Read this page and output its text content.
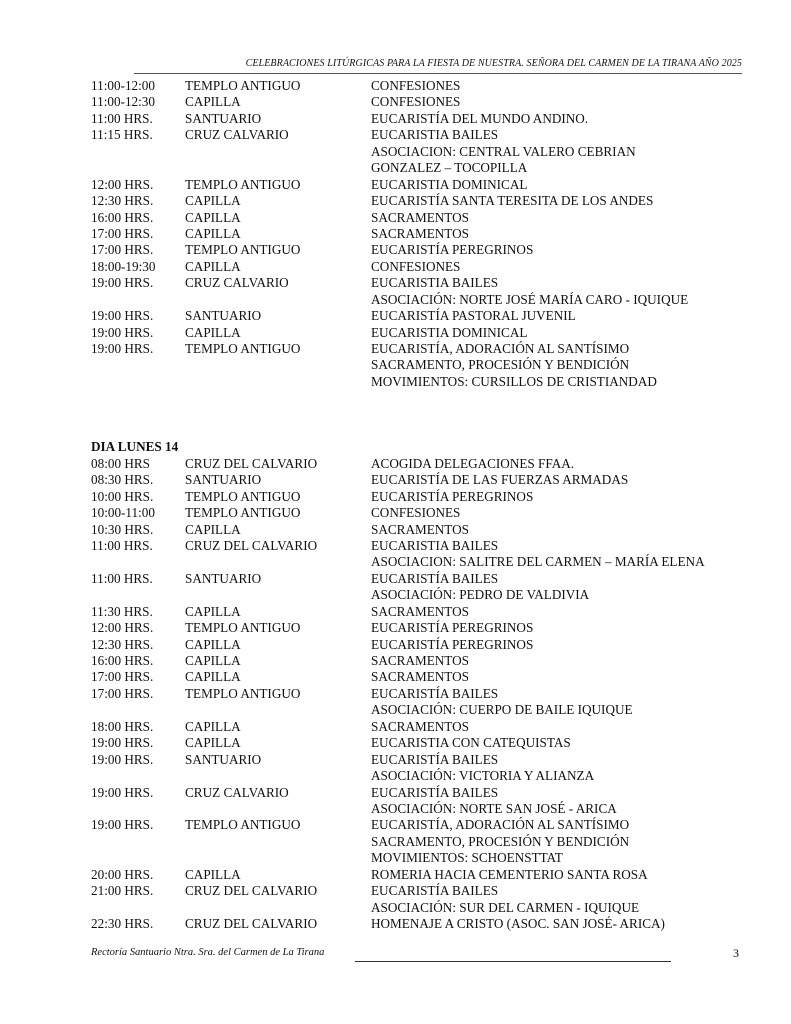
CELEBRACIONES LITÚRGICAS PARA LA FIESTA DE NUESTRA. SEÑORA DEL CARMEN DE LA TIRANA AÑO 2025
11:00-12:00 TEMPLO ANTIGUO	CONFESIONES
11:00-12:30 CAPILLA	CONFESIONES
11:00 HRS. SANTUARIO	EUCARISTÍA DEL MUNDO ANDINO.
11:15 HRS. CRUZ CALVARIO	EUCARISTIA BAILES
ASOCIACION: CENTRAL VALERO CEBRIAN
GONZALEZ – TOCOPILLA
12:00 HRS. TEMPLO ANTIGUO	EUCARISTIA DOMINICAL
12:30 HRS. CAPILLA	EUCARISTÍA SANTA TERESITA DE LOS ANDES
16:00 HRS. CAPILLA	SACRAMENTOS
17:00 HRS. CAPILLA	SACRAMENTOS
17:00 HRS. TEMPLO ANTIGUO	EUCARISTÍA PEREGRINOS
18:00-19:30 CAPILLA	CONFESIONES
19:00 HRS. CRUZ CALVARIO	EUCARISTIA BAILES
ASOCIACIÓN: NORTE JOSÉ MARÍA CARO - IQUIQUE
19:00 HRS. SANTUARIO	EUCARISTÍA PASTORAL JUVENIL
19:00 HRS. CAPILLA	EUCARISTIA DOMINICAL
19:00 HRS. TEMPLO ANTIGUO	EUCARISTÍA, ADORACIÓN AL SANTÍSIMO
SACRAMENTO, PROCESIÓN Y BENDICIÓN
MOVIMIENTOS: CURSILLOS DE CRISTIANDAD
DIA LUNES 14
08:00 HRS	CRUZ DEL CALVARIO	ACOGIDA DELEGACIONES FFAA.
08:30 HRS. SANTUARIO	EUCARISTÍA DE LAS FUERZAS ARMADAS
10:00 HRS. TEMPLO ANTIGUO	EUCARISTÍA PEREGRINOS
10:00-11:00 TEMPLO ANTIGUO	CONFESIONES
10:30 HRS. CAPILLA	SACRAMENTOS
11:00 HRS. CRUZ DEL CALVARIO	EUCARISTIA BAILES
ASOCIACION: SALITRE DEL CARMEN – MARÍA ELENA
11:00 HRS. SANTUARIO	EUCARISTÍA BAILES
ASOCIACIÓN: PEDRO DE VALDIVIA
11:30 HRS. CAPILLA	SACRAMENTOS
12:00 HRS. TEMPLO ANTIGUO	EUCARISTÍA PEREGRINOS
12:30 HRS. CAPILLA	EUCARISTÍA PEREGRINOS
16:00 HRS. CAPILLA	SACRAMENTOS
17:00 HRS. CAPILLA	SACRAMENTOS
17:00 HRS. TEMPLO ANTIGUO	EUCARISTÍA BAILES
ASOCIACIÓN: CUERPO DE BAILE IQUIQUE
18:00 HRS. CAPILLA	SACRAMENTOS
19:00 HRS. CAPILLA	EUCARISTIA CON CATEQUISTAS
19:00 HRS. SANTUARIO	EUCARISTÍA BAILES
ASOCIACIÓN: VICTORIA Y ALIANZA
19:00 HRS. CRUZ CALVARIO	EUCARISTÍA BAILES
ASOCIACIÓN: NORTE SAN JOSÉ - ARICA
19:00 HRS. TEMPLO ANTIGUO	EUCARISTÍA, ADORACIÓN AL SANTÍSIMO
SACRAMENTO, PROCESIÓN Y BENDICIÓN
MOVIMIENTOS: SCHOENSTTAT
20:00 HRS. CAPILLA	ROMERIA HACIA CEMENTERIO SANTA ROSA
21:00 HRS. CRUZ DEL CALVARIO	EUCARISTÍA BAILES
ASOCIACIÓN: SUR DEL CARMEN - IQUIQUE
22:30 HRS. CRUZ DEL CALVARIO	HOMENAJE A CRISTO (ASOC. SAN JOSÉ- ARICA)
Rectoría Santuario Ntra. Sra. del Carmen de La Tirana	3
